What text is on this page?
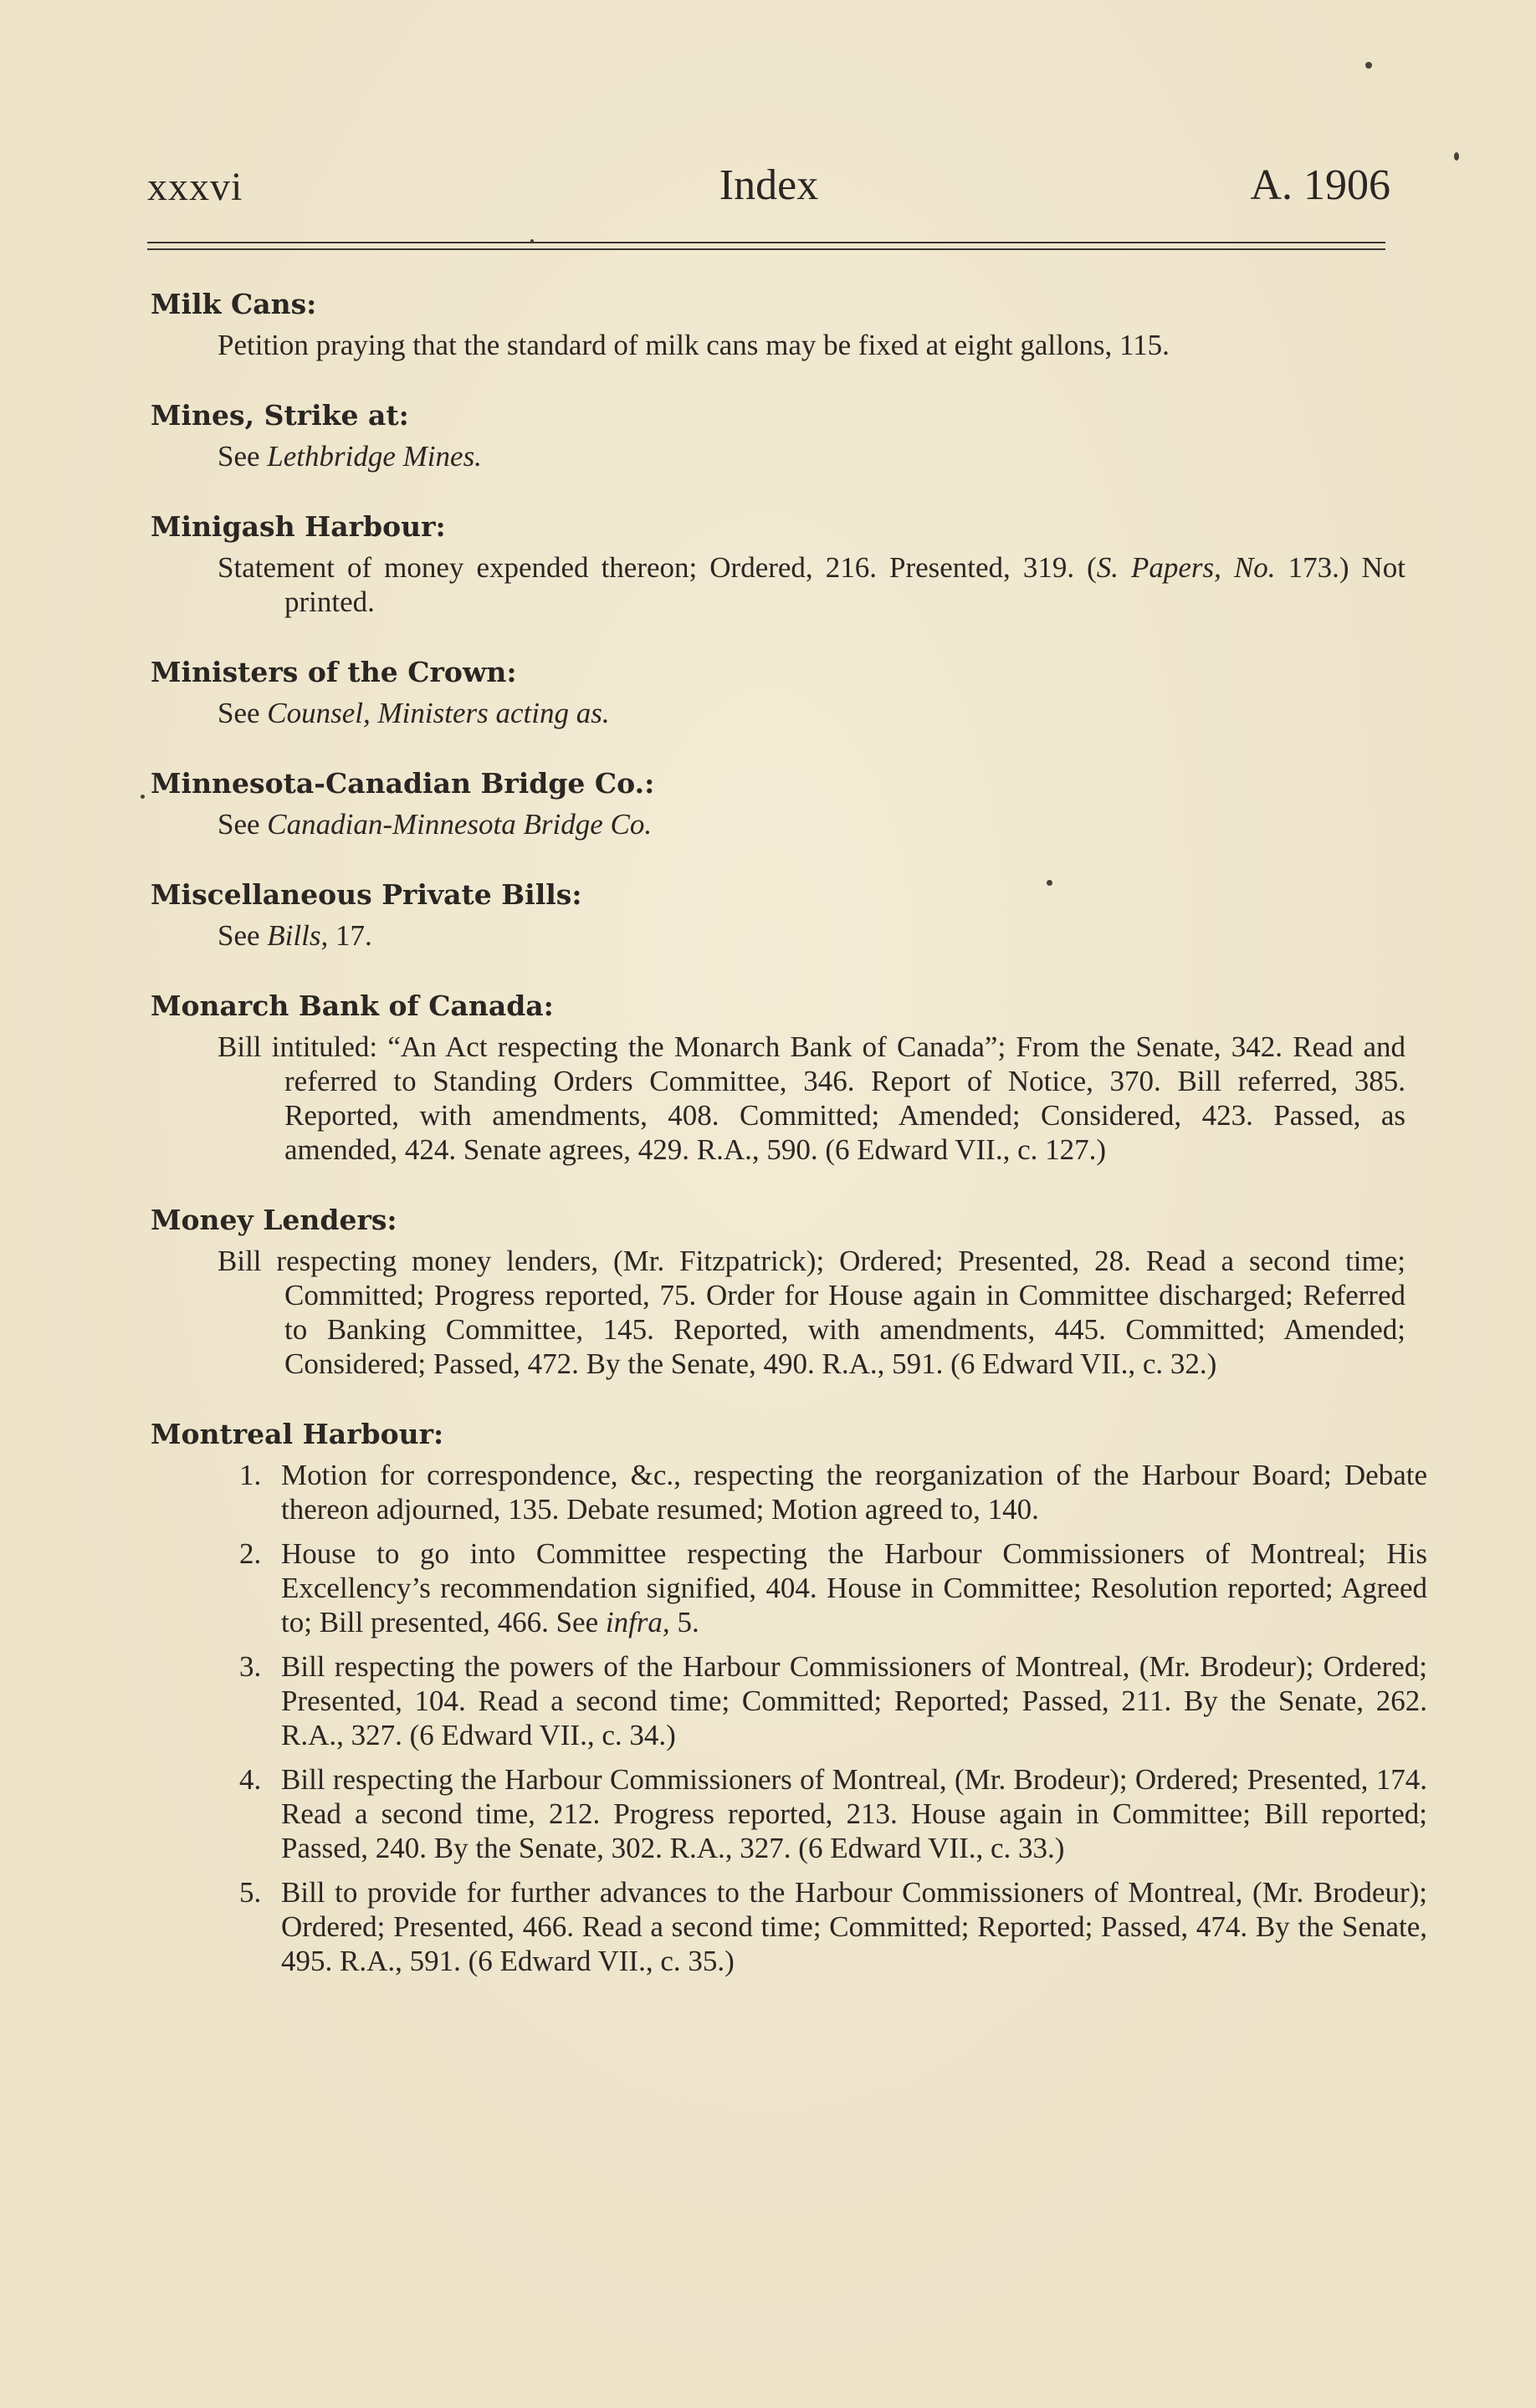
xxxvi	Index	A. 1906
Milk Cans:
Petition praying that the standard of milk cans may be fixed at eight gallons, 115.
Mines, Strike at:
See Lethbridge Mines.
Minigash Harbour:
Statement of money expended thereon; Ordered, 216. Presented, 319. (S. Papers, No. 173.) Not printed.
Ministers of the Crown:
See Counsel, Ministers acting as.
Minnesota-Canadian Bridge Co.:
See Canadian-Minnesota Bridge Co.
Miscellaneous Private Bills:
See Bills, 17.
Monarch Bank of Canada:
Bill intituled: “An Act respecting the Monarch Bank of Canada”; From the Senate, 342. Read and referred to Standing Orders Committee, 346. Report of Notice, 370. Bill referred, 385. Reported, with amendments, 408. Committed; Amended; Considered, 423. Passed, as amended, 424. Senate agrees, 429. R.A., 590. (6 Edward VII., c. 127.)
Money Lenders:
Bill respecting money lenders, (Mr. Fitzpatrick); Ordered; Presented, 28. Read a second time; Committed; Progress reported, 75. Order for House again in Committee discharged; Referred to Banking Committee, 145. Reported, with amendments, 445. Committed; Amended; Considered; Passed, 472. By the Senate, 490. R.A., 591. (6 Edward VII., c. 32.)
Montreal Harbour:
1. Motion for correspondence, &c., respecting the reorganization of the Harbour Board; Debate thereon adjourned, 135. Debate resumed; Motion agreed to, 140.
2. House to go into Committee respecting the Harbour Commissioners of Montreal; His Excellency’s recommendation signified, 404. House in Committee; Resolution reported; Agreed to; Bill presented, 466. See infra, 5.
3. Bill respecting the powers of the Harbour Commissioners of Montreal, (Mr. Brodeur); Ordered; Presented, 104. Read a second time; Committed; Reported; Passed, 211. By the Senate, 262. R.A., 327. (6 Edward VII., c. 34.)
4. Bill respecting the Harbour Commissioners of Montreal, (Mr. Brodeur); Ordered; Presented, 174. Read a second time, 212. Progress reported, 213. House again in Committee; Bill reported; Passed, 240. By the Senate, 302. R.A., 327. (6 Edward VII., c. 33.)
5. Bill to provide for further advances to the Harbour Commissioners of Montreal, (Mr. Brodeur); Ordered; Presented, 466. Read a second time; Committed; Reported; Passed, 474. By the Senate, 495. R.A., 591. (6 Edward VII., c. 35.)
